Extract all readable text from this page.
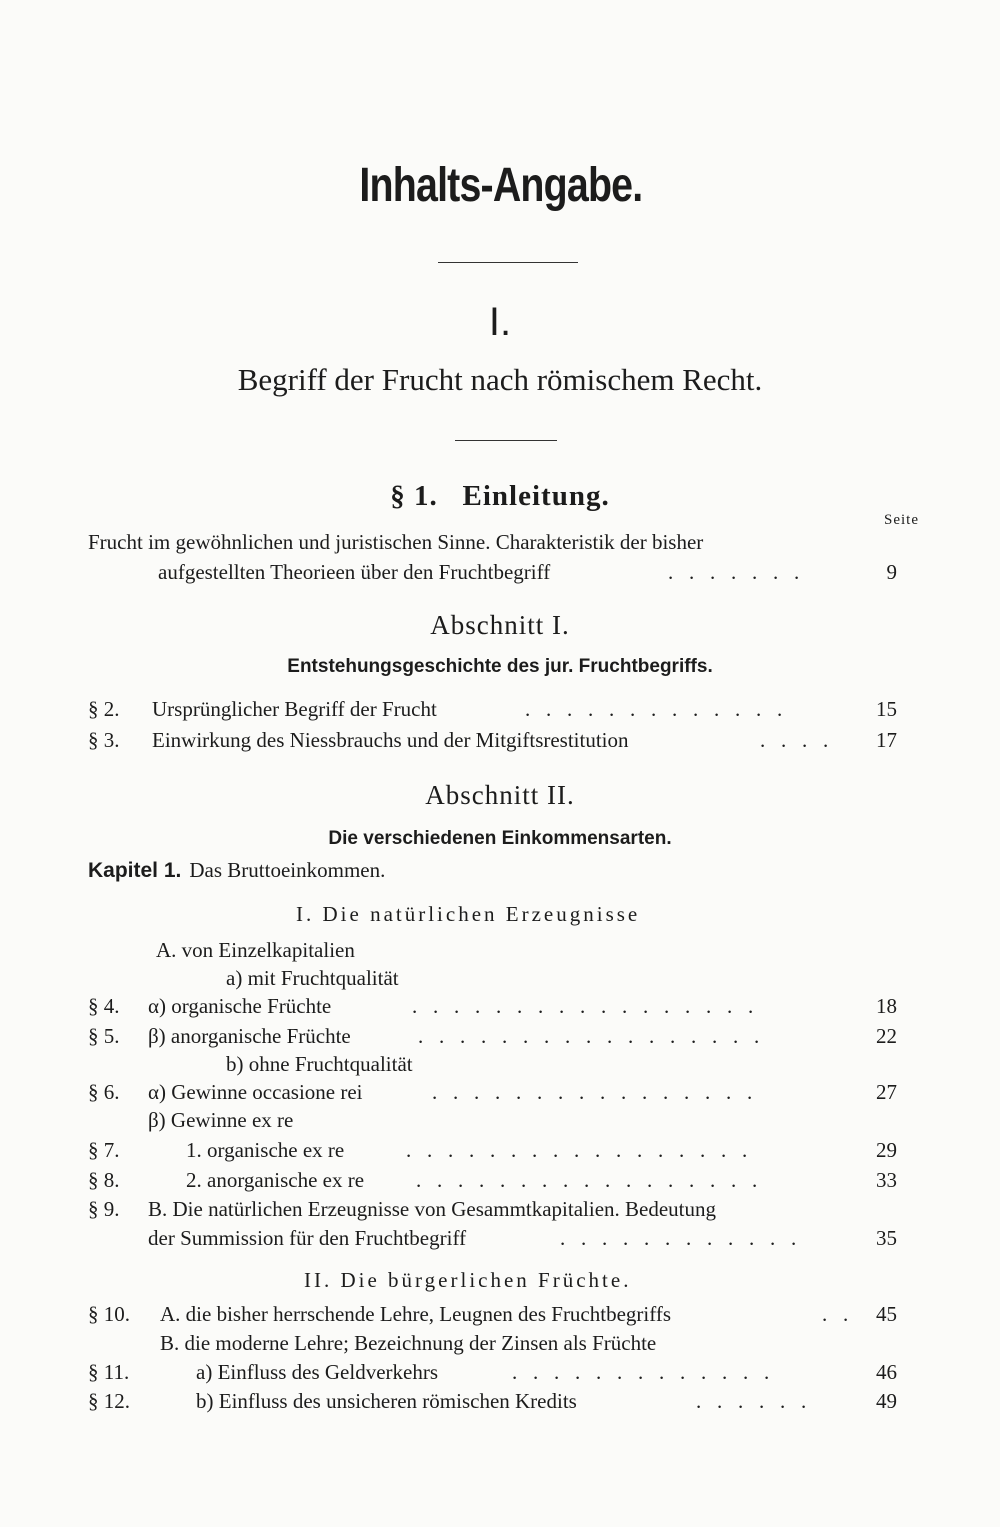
Inhalts-Angabe.
I.
Begriff der Frucht nach römischem Recht.
§ 1. Einleitung.
Seite
Frucht im gewöhnlichen und juristischen Sinne. Charakteristik der bisher
aufgestellten Theorieen über den Fruchtbegriff	.   .   .   .   .   .   .	9
Abschnitt I.
Entstehungsgeschichte des jur. Fruchtbegriffs.
§ 2. Ursprünglicher Begriff der Frucht	.   .   .   .   .   .   .   .   .   .   .   .   .	15
§ 3. Einwirkung des Niessbrauchs und der Mitgiftsrestitution	.   .   .   .	17
Abschnitt II.
Die verschiedenen Einkommensarten.
Kapitel 1. Das Bruttoeinkommen.
I. Die natürlichen Erzeugnisse
A. von Einzelkapitalien
a) mit Fruchtqualität
§ 4. α) organische Früchte	.   .   .   .   .   .   .   .   .   .   .   .   .   .   .   .   .	18
§ 5. β) anorganische Früchte	.   .   .   .   .   .   .   .   .   .   .   .   .   .   .   .   .	22
b) ohne Fruchtqualität
§ 6. α) Gewinne occasione rei	.   .   .   .   .   .   .   .   .   .   .   .   .   .   .   .	27
β) Gewinne ex re
§ 7.	1. organische ex re	.   .   .   .   .   .   .   .   .   .   .   .   .   .   .   .   .	29
§ 8.	2. anorganische ex re .   .   .   .   .   .   .   .   .   .   .   .   .   .   .   .   .	33
§ 9. B. Die natürlichen Erzeugnisse von Gesammtkapitalien. Bedeutung
der Summission für den Fruchtbegriff	.   .   .   .   .   .   .   .   .   .   .   .	35
II. Die bürgerlichen Früchte.
§ 10. A. die bisher herrschende Lehre, Leugnen des Fruchtbegriffs	.   .	45
B. die moderne Lehre; Bezeichnung der Zinsen als Früchte
§ 11.	a) Einfluss des Geldverkehrs	.   .   .   .   .   .   .   .   .   .   .   .   .	46
§ 12.	b) Einfluss des unsicheren römischen Kredits	.   .   .   .   .   .	49
